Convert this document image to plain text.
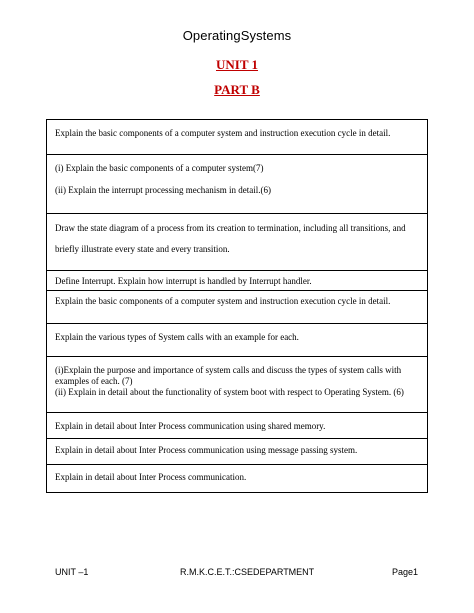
OperatingSystems
UNIT 1
PART B
Explain the basic components of a computer system and instruction execution cycle in detail.

(i) Explain the basic components of a computer system(7)
(ii) Explain the interrupt processing mechanism in detail.(6)

Draw the state diagram of a process from its creation to termination, including all transitions, and
briefly illustrate every state and every transition.

Define Interrupt. Explain how interrupt is handled by Interrupt handler.

Explain the basic components of a computer system and instruction execution cycle in detail.

Explain the various types of System calls with an example for each.

(i)Explain the purpose and importance of system calls and discuss the types of system calls with
examples of each. (7)
(ii) Explain in detail about the functionality of system boot with respect to Operating System. (6)

Explain in detail about Inter Process communication using shared memory.

Explain in detail about Inter Process communication using message passing system.

Explain in detail about Inter Process communication.
UNIT –1	R.M.K.C.E.T.:CSEDEPARTMENT	Page1
